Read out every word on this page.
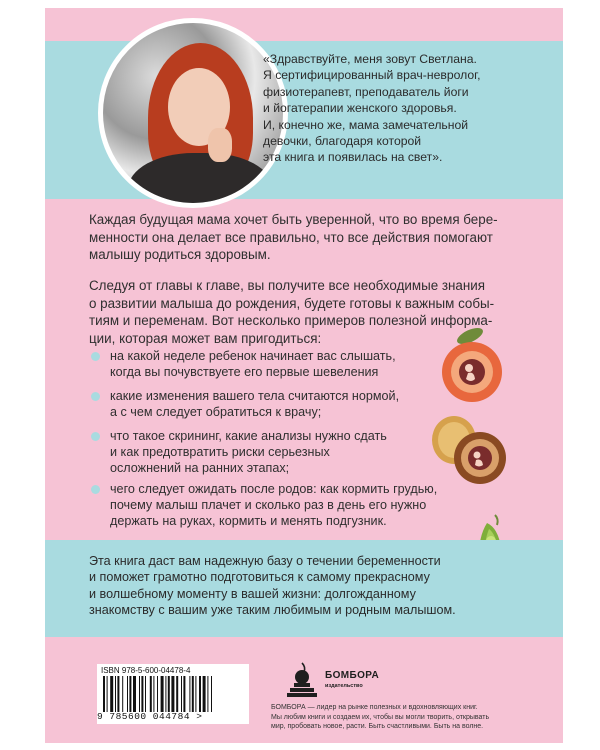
«Здравствуйте, меня зовут Светлана.

Я сертифицированный врач-невролог,

физиотерапевт, преподаватель йоги

и йогатерапии женского здоровья.

И, конечно же, мама замечательной

девочки, благодаря которой

эта книга и появилась на свет».

Каждая будущая мама хочет быть уверенной, что во время бере-

менности она делает все правильно, что все действия помогают

малышу родиться здоровым.

Следуя от главы к главе, вы получите все необходимые знания

о развитии малыша до рождения, будете готовы к важным собы-

тиям и переменам. Вот несколько примеров полезной информа-

ции, которая может вам пригодиться:

на какой неделе ребенок начинает вас слышать,

когда вы почувствуете его первые шевеления

какие изменения вашего тела считаются нормой,

а с чем следует обратиться к врачу;

что такое скрининг, какие анализы нужно сдать

и как предотвратить риски серьезных

осложнений на ранних этапах;

чего следует ожидать после родов: как кормить грудью,

почему малыш плачет и сколько раз в день его нужно

держать на руках, кормить и менять подгузник.

Эта книга даст вам надежную базу о течении беременности

и поможет грамотно подготовиться к самому прекрасному

и волшебному моменту в вашей жизни: долгожданному

знакомству с вашим уже таким любимым и родным малышом.

ISBN 978-5-600-04478-4
9 785600 044784 >
БОМБОРА
издательство

БОМБОРА — лидер на рынке полезных и вдохновляющих книг.

Мы любим книги и создаем их, чтобы вы могли творить, открывать

мир, пробовать новое, расти. Быть счастливыми. Быть на волне.
